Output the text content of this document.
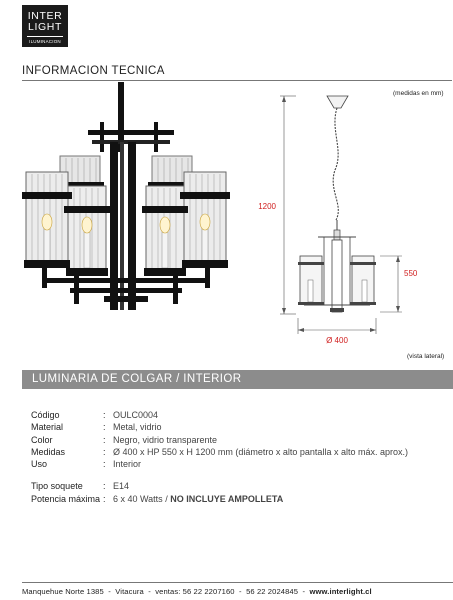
INTER
LIGHT
ILUMINACION
INFORMACION TECNICA
(medidas en mm)
1200
550
Ø 400
(vista lateral)
LUMINARIA DE COLGAR / INTERIOR
Código	: OULC0004
Material	: Metal, vidrio
Color	: Negro, vidrio transparente
Medidas	: Ø 400 x HP 550 x H 1200 mm (diámetro x alto pantalla x alto máx. aprox.)
Uso	: Interior
Tipo soquete	: E14
Potencia máxima : 6 x 40 Watts / NO INCLUYE AMPOLLETA
Manquehue Norte 1385  -  Vitacura  -  ventas: 56 22 2207160  -  56 22 2024845  -  www.interlight.cl
